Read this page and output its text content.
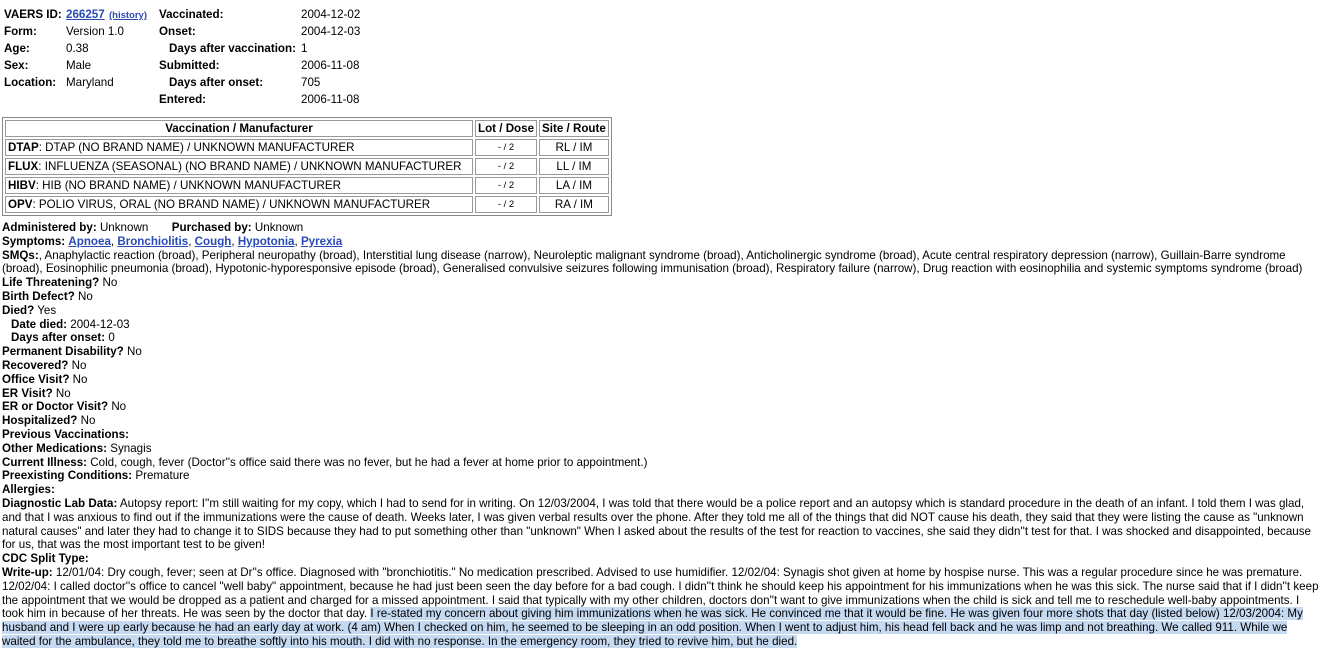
VAERS ID: 266257 (history)
Form:	Version 1.0
Age:	0.38
Sex:	Male
Location: Maryland
Vaccinated:	2004-12-02
Onset:	2004-12-03
Days after vaccination: 1
Submitted:	2006-11-08
Days after onset:	705
Entered:	2006-11-08
Vaccination / Manufacturer	Lot / Dose	Site / Route
DTAP: DTAP (NO BRAND NAME) / UNKNOWN MANUFACTURER	- / 2	RL / IM
FLUX: INFLUENZA (SEASONAL) (NO BRAND NAME) / UNKNOWN MANUFACTURER	- / 2	LL / IM
HIBV: HIB (NO BRAND NAME) / UNKNOWN MANUFACTURER	- / 2	LA / IM
OPV: POLIO VIRUS, ORAL (NO BRAND NAME) / UNKNOWN MANUFACTURER	- / 2	RA / IM

Administered by: Unknown Purchased by: Unknown

Symptoms: Apnoea, Bronchiolitis, Cough, Hypotonia, Pyrexia

SMQs:, Anaphylactic reaction (broad), Peripheral neuropathy (broad), Interstitial lung disease (narrow), Neuroleptic malignant syndrome (broad), Anticholinergic syndrome (broad), Acute central respiratory depression (narrow), Guillain-Barre syndrome (broad), Eosinophilic pneumonia (broad), Hypotonic-hyporesponsive episode (broad), Generalised convulsive seizures following immunisation (broad), Respiratory failure (narrow), Drug reaction with eosinophilia and systemic symptoms syndrome (broad)

Life Threatening? No

Birth Defect? No

Died? Yes

Date died: 2004-12-03

Days after onset: 0

Permanent Disability? No

Recovered? No

Office Visit? No

ER Visit? No

ER or Doctor Visit? No

Hospitalized? No

Previous Vaccinations:

Other Medications: Synagis

Current Illness: Cold, cough, fever (Doctor''s office said there was no fever, but he had a fever at home prior to appointment.)

Preexisting Conditions: Premature

Allergies:

Diagnostic Lab Data: Autopsy report: I''m still waiting for my copy, which I had to send for in writing. On 12/03/2004, I was told that there would be a police report and an autopsy which is standard procedure in the death of an infant. I told them I was glad, and that I was anxious to find out if the immunizations were the cause of death. Weeks later, I was given verbal results over the phone. After they told me all of the things that did NOT cause his death, they said that they were listing the cause as "unknown natural causes" and later they had to change it to SIDS because they had to put something other than "unknown" When I asked about the results of the test for reaction to vaccines, she said they didn''t test for that. I was shocked and disappointed, because for us, that was the most important test to be given!

CDC Split Type:

Write-up: 12/01/04: Dry cough, fever; seen at Dr''s office. Diagnosed with "bronchiotitis." No medication prescribed. Advised to use humidifier. 12/02/04: Synagis shot given at home by hospise nurse. This was a regular procedure since he was premature. 12/02/04: I called doctor''s office to cancel "well baby" appointment, because he had just been seen the day before for a bad cough. I didn''t think he should keep his appointment for his immunizations when he was this sick. The nurse said that if I didn''t keep the appointment that we would be dropped as a patient and charged for a missed appointment. I said that typically with my other children, doctors don''t want to give immunizations when the child is sick and tell me to reschedule well-baby appointments. I took him in because of her threats. He was seen by the doctor that day. I re-stated my concern about giving him immunizations when he was sick. He convinced me that it would be fine. He was given four more shots that day (listed below) 12/03/2004: My husband and I were up early because he had an early day at work. (4 am) When I checked on him, he seemed to be sleeping in an odd position. When I went to adjust him, his head fell back and he was limp and not breathing. We called 911. While we waited for the ambulance, they told me to breathe softly into his mouth. I did with no response. In the emergency room, they tried to revive him, but he died.
